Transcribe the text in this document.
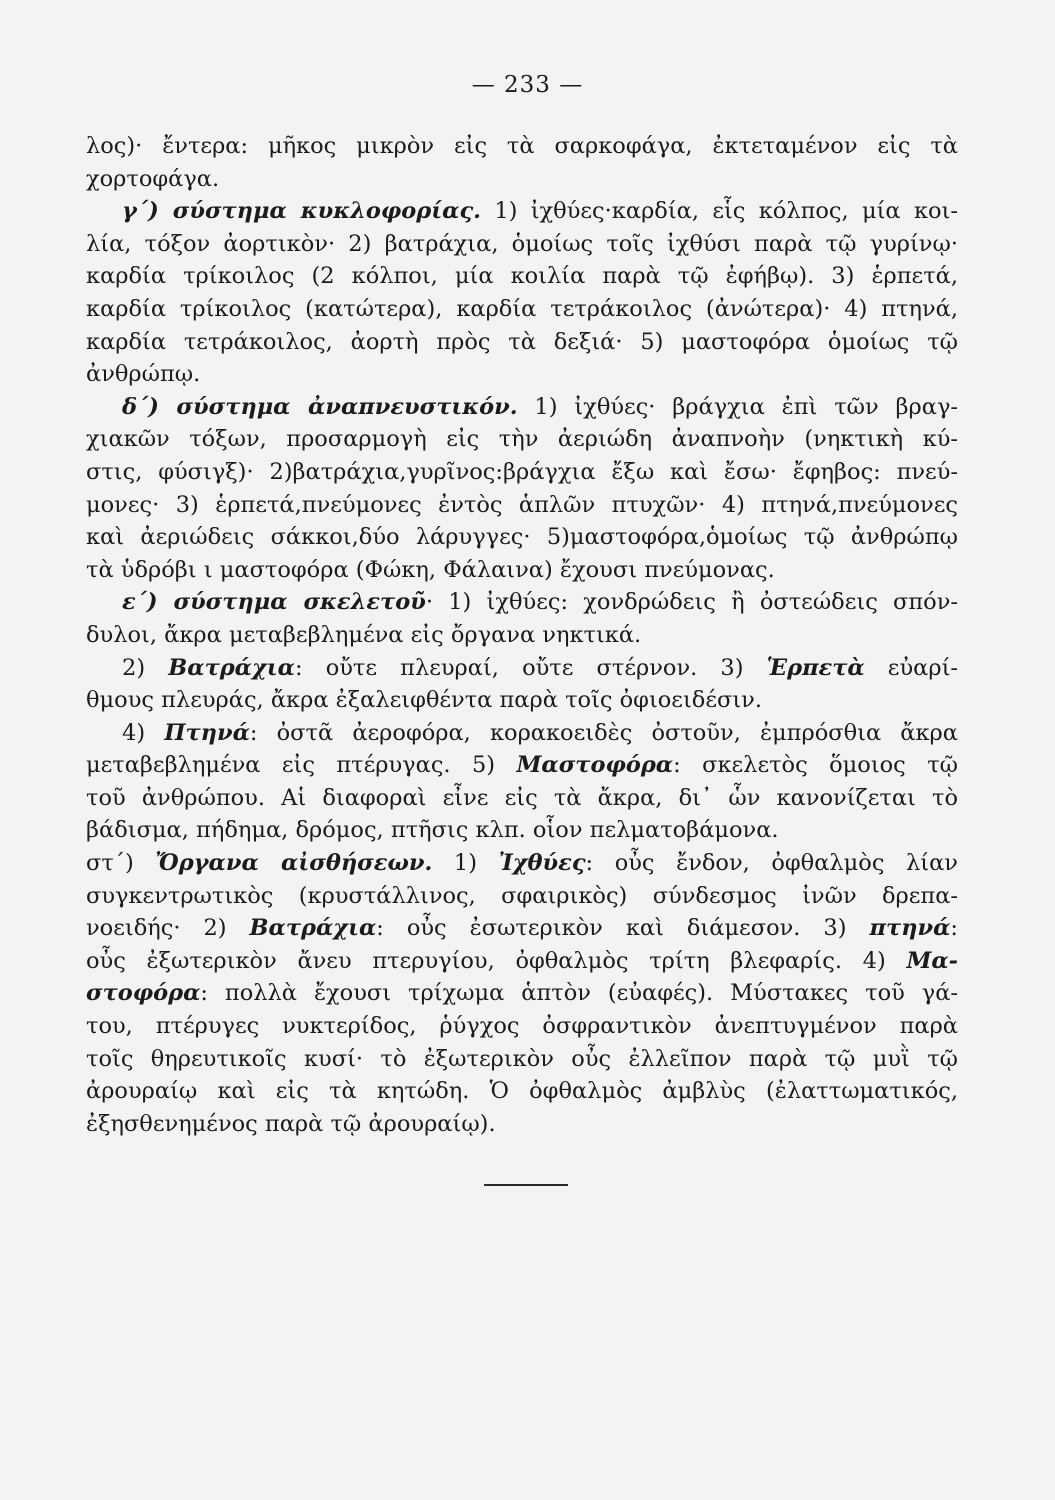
— 233 —
λος)· ἔντερα: μῆκος μικρὸν εἰς τὰ σαρκοφάγα, ἐκτεταμένον εἰς τὰ
χορτοφάγα.
γ΄) σύστημα κυκλοφορίας. 1) ἰχθύες·καρδία, εἷς κόλπος, μία κοι-
λία, τόξον ἀορτικὸν· 2) βατράχια, ὁμοίως τοῖς ἰχθύσι παρὰ τῷ γυρίνῳ·
καρδία τρίκοιλος (2 κόλποι, μία κοιλία παρὰ τῷ ἐφήβῳ). 3) ἑρπετά,
καρδία τρίκοιλος (κατώτερα), καρδία τετράκοιλος (ἀνώτερα)· 4) πτηνά,
καρδία τετράκοιλος, ἀορτὴ πρὸς τὰ δεξιά· 5) μαστοφόρα ὁμοίως τῷ
ἀνθρώπῳ.
δ΄) σύστημα ἀναπνευστικόν. 1) ἰχθύες· βράγχια ἐπὶ τῶν βραγ-
χιακῶν τόξων, προσαρμογὴ εἰς τὴν ἀεριώδη ἀναπνοὴν (νηκτικὴ κύ-
στις, φύσιγξ)· 2)βατράχια,γυρῖνος:βράγχια ἔξω καὶ ἔσω· ἔφηβος: πνεύ-
μονες· 3) ἑρπετά,πνεύμονες ἐντὸς ἁπλῶν πτυχῶν· 4) πτηνά,πνεύμονες
καὶ ἀεριώδεις σάκκοι,δύο λάρυγγες· 5)μαστοφόρα,ὁμοίως τῷ ἀνθρώπῳ
τὰ ὑδρόβι ι μαστοφόρα (Φώκη, Φάλαινα) ἔχουσι πνεύμονας.
ε΄) σύστημα σκελετοῦ· 1) ἰχθύες: χονδρώδεις ἢ ὀστεώδεις σπόν-
δυλοι, ἄκρα μεταβεβλημένα εἰς ὄργανα νηκτικά.
2) Βατράχια: οὔτε πλευραί, οὔτε στέρνον. 3) Ἑρπετὰ εὐαρί-
θμους πλευράς, ἄκρα ἐξαλειφθέντα παρὰ τοῖς ὀφιοειδέσιν.
4) Πτηνά: ὀστᾶ ἀεροφόρα, κορακοειδὲς ὀστοῦν, ἐμπρόσθια ἄκρα
μεταβεβλημένα εἰς πτέρυγας. 5) Μαστοφόρα: σκελετὸς ὅμοιος τῷ
τοῦ ἀνθρώπου. Αἱ διαφοραὶ εἶνε εἰς τὰ ἄκρα, δι᾿ ὧν κανονίζεται τὸ
βάδισμα, πήδημα, δρόμος, πτῆσις κλπ. οἷον πελματοβάμονα.
στ΄) Ὄργανα αἰσθήσεων. 1) Ἰχθύες: οὖς ἔνδον, ὀφθαλμὸς λίαν
συγκεντρωτικὸς (κρυστάλλινος, σφαιρικὸς) σύνδεσμος ἰνῶν δρεπα-
νοειδής· 2) Βατράχια: οὖς ἐσωτερικὸν καὶ διάμεσον. 3) πτηνά:
οὖς ἐξωτερικὸν ἄνευ πτερυγίου, ὀφθαλμὸς τρίτη βλεφαρίς. 4) Μα-
στοφόρα: πολλὰ ἔχουσι τρίχωμα ἁπτὸν (εὐαφές). Μύστακες τοῦ γά-
του, πτέρυγες νυκτερίδος, ῥύγχος ὀσφραντικὸν ἀνεπτυγμένον παρὰ
τοῖς θηρευτικοῖς κυσί· τὸ ἐξωτερικὸν οὖς ἐλλεῖπον παρὰ τῷ μυῒ τῷ
ἀρουραίῳ καὶ εἰς τὰ κητώδη. Ὁ ὀφθαλμὸς ἀμβλὺς (ἐλαττωματικός,
ἐξησθενημένος παρὰ τῷ ἀρουραίῳ).
